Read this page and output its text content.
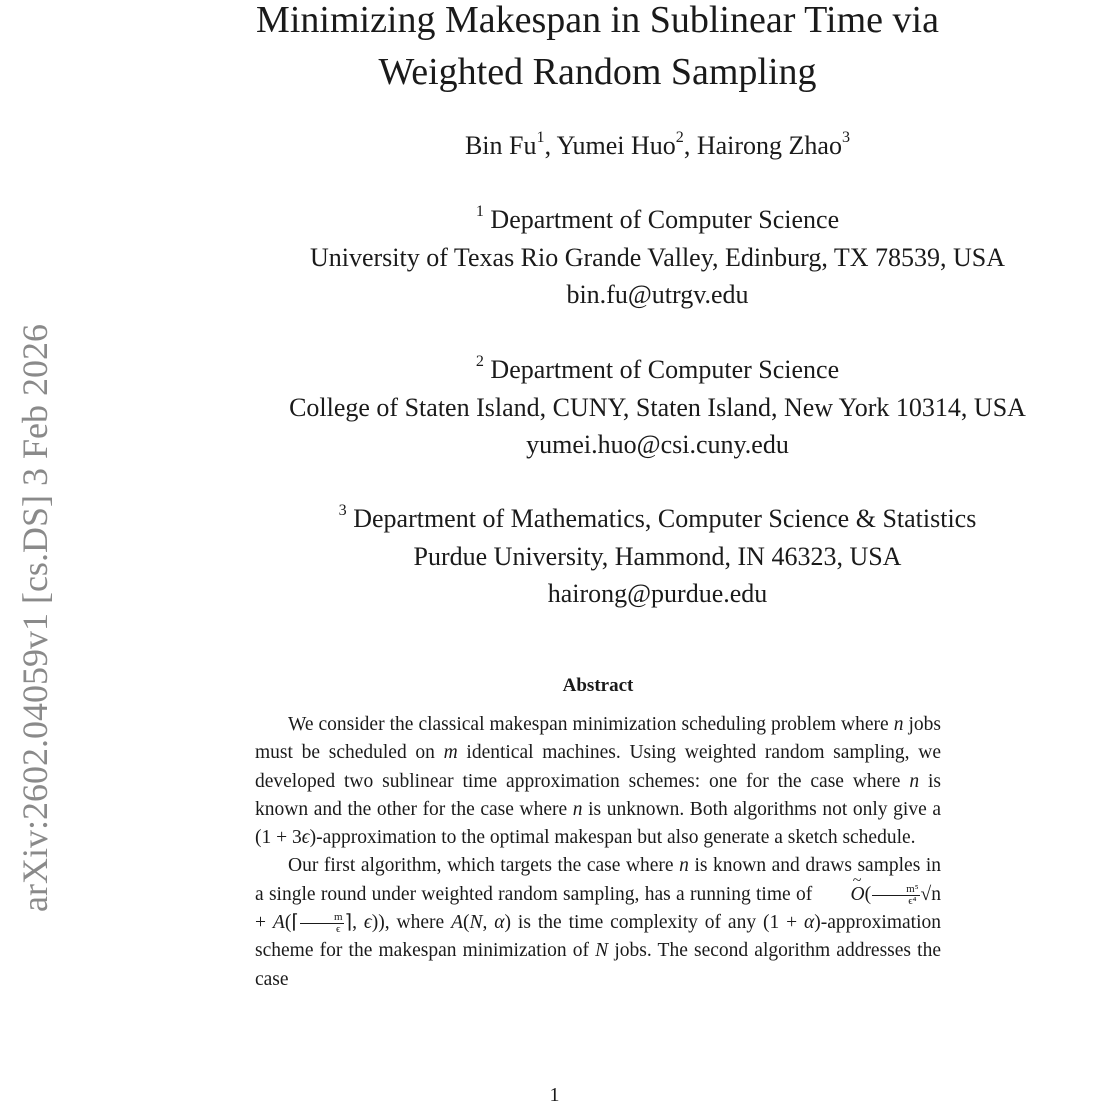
arXiv:2602.04059v1 [cs.DS] 3 Feb 2026
Minimizing Makespan in Sublinear Time via
Weighted Random Sampling
Bin Fu$^1$, Yumei Huo$^2$, Hairong Zhao$^3$
$^1$ Department of Computer Science
University of Texas Rio Grande Valley, Edinburg, TX 78539, USA
bin.fu@utrgv.edu
$^2$ Department of Computer Science
College of Staten Island, CUNY, Staten Island, New York 10314, USA
yumei.huo@csi.cuny.edu
$^3$ Department of Mathematics, Computer Science & Statistics
Purdue University, Hammond, IN 46323, USA
hairong@purdue.edu
Abstract

We consider the classical makespan minimization scheduling problem where n jobs must be scheduled on m identical machines. Using weighted random sampling, we developed two sublinear time approximation schemes: one for the case where n is known and the other for the case where n is unknown. Both algorithms not only give a (1 + 3ϵ)-approximation to the optimal makespan but also generate a sketch schedule.

Our first algorithm, which targets the case where n is known and draws samples in a single round under weighted random sampling, has a running time of ~ $O( \frac{\text{m⁵}}{\text{ϵ⁴}} √n$ + A(⌈ $\frac{m}{\epsilon}$ ⌉, ϵ)), where A(N, α) is the time complexity of any (1 + α)-approximation scheme for the makespan minimization of N jobs. The second algorithm addresses the case

1
